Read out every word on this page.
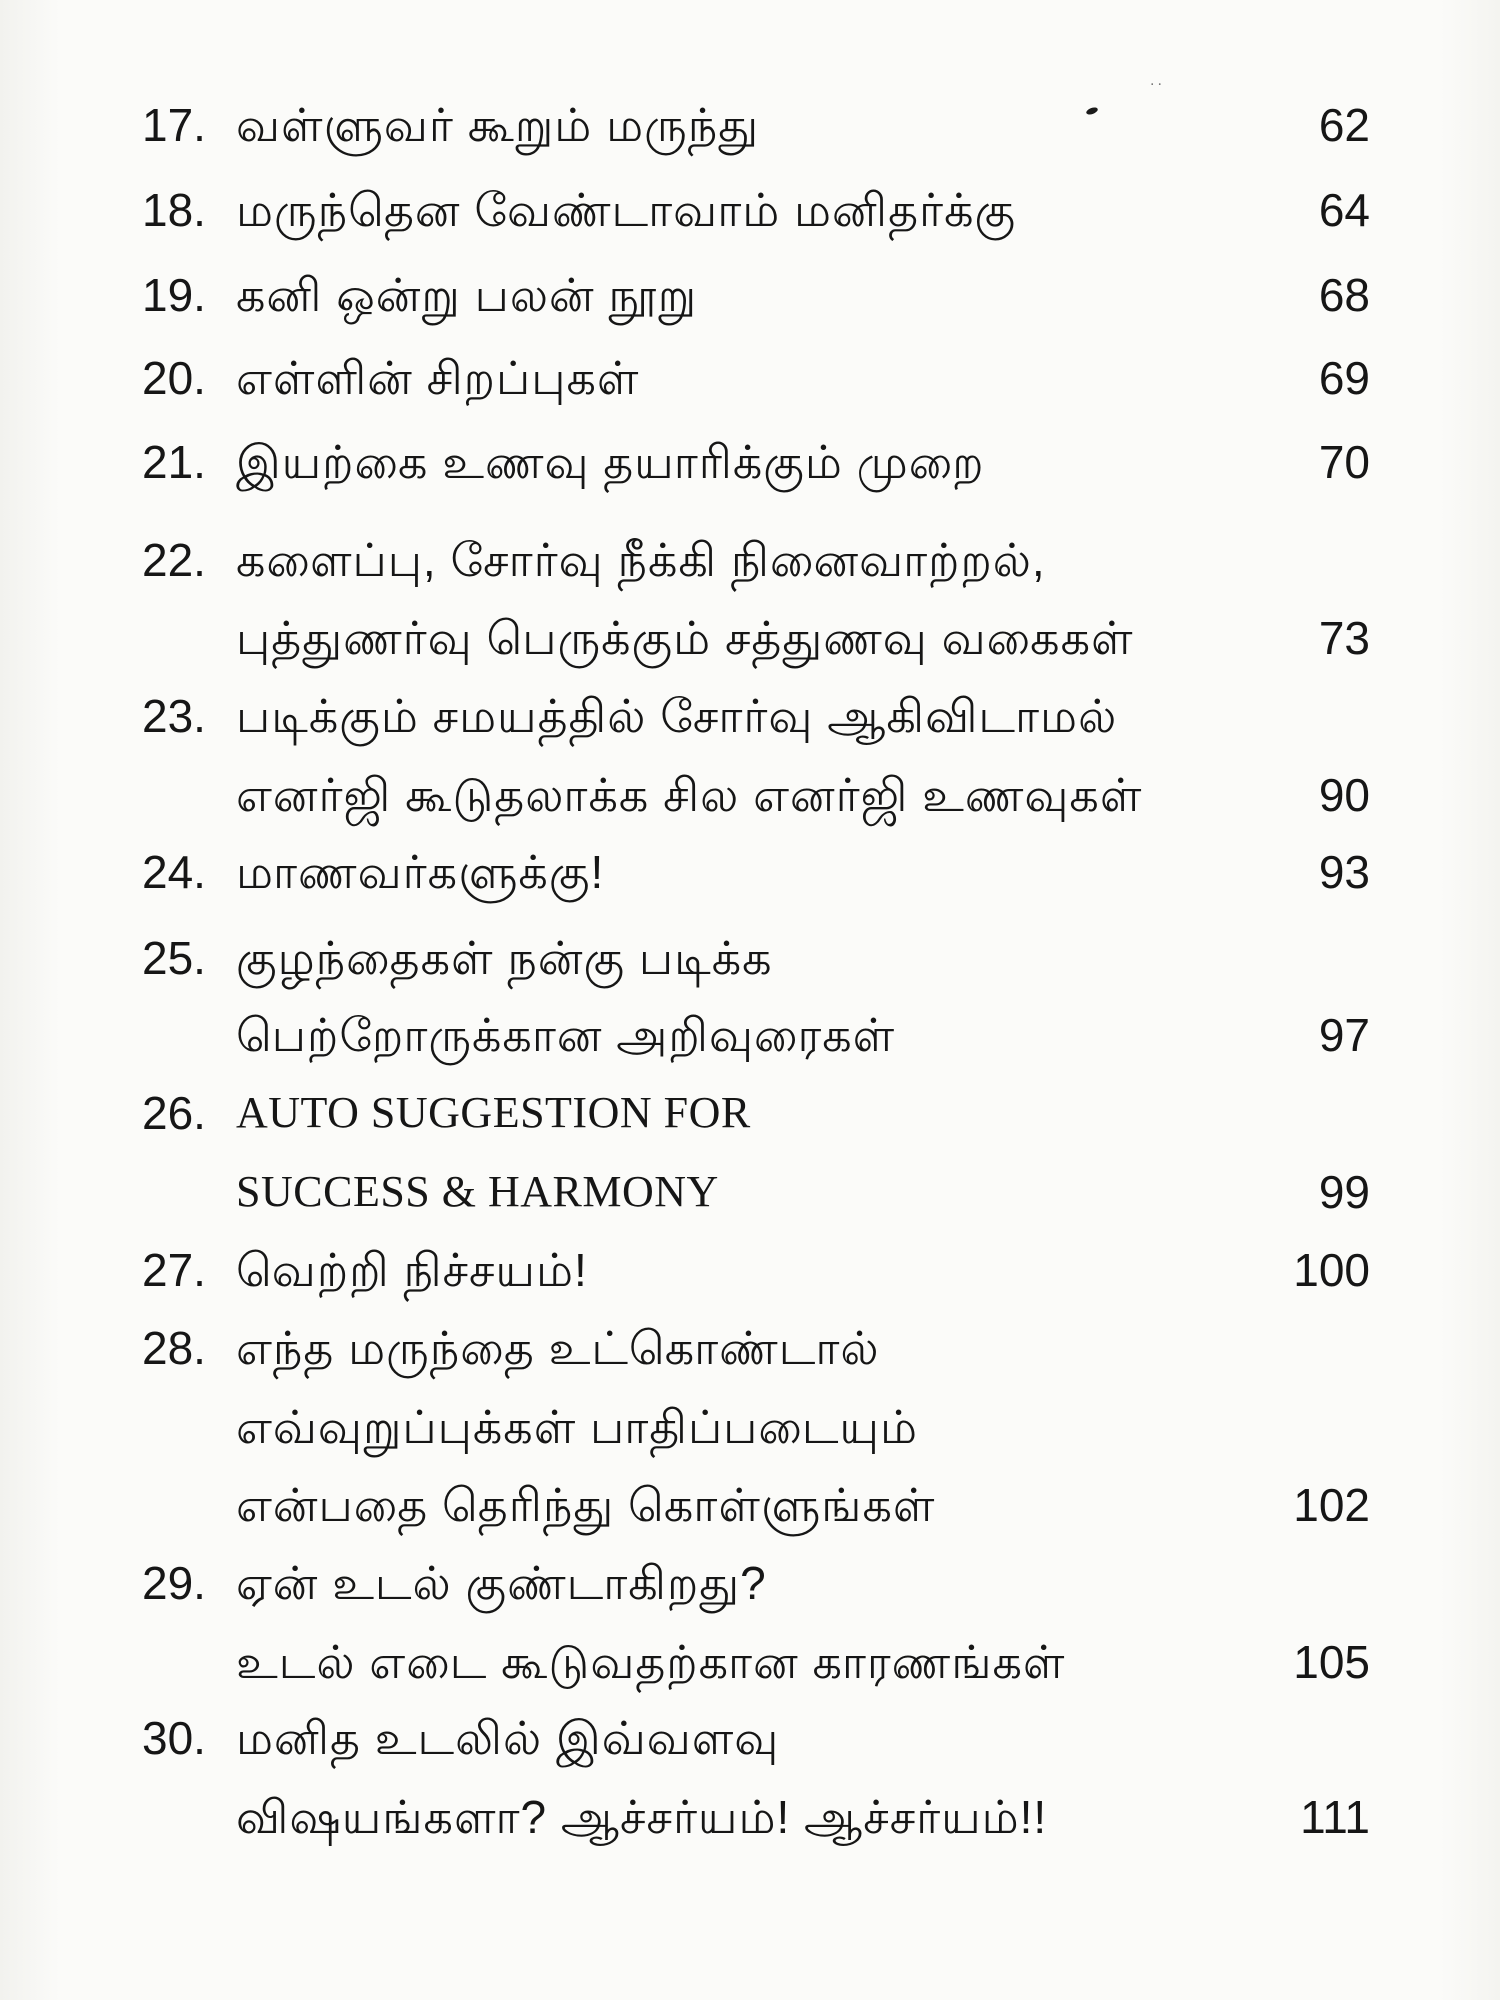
..
17. வள்ளுவர் கூறும் மருந்து	62
18. மருந்தென வேண்டாவாம் மனிதர்க்கு	64
19. கனி ஒன்று பலன் நூறு	68
20. எள்ளின் சிறப்புகள்	69
21. இயற்கை உணவு தயாரிக்கும் முறை	70
22. களைப்பு, சோர்வு நீக்கி நினைவாற்றல்,
புத்துணர்வு பெருக்கும் சத்துணவு வகைகள்	73
23. படிக்கும் சமயத்தில் சோர்வு ஆகிவிடாமல்
எனர்ஜி கூடுதலாக்க சில எனர்ஜி உணவுகள்	90
24. மாணவர்களுக்கு!	93
25. குழந்தைகள் நன்கு படிக்க
பெற்றோருக்கான அறிவுரைகள்	97
26. AUTO SUGGESTION FOR
SUCCESS & HARMONY	99
27. வெற்றி நிச்சயம்!	100
28. எந்த மருந்தை உட்கொண்டால்
எவ்வுறுப்புக்கள் பாதிப்படையும்
என்பதை தெரிந்து கொள்ளுங்கள்	102
29. ஏன் உடல் குண்டாகிறது?
உடல் எடை கூடுவதற்கான காரணங்கள்	105
30. மனித உடலில் இவ்வளவு
விஷயங்களா? ஆச்சர்யம்! ஆச்சர்யம்!!	111
